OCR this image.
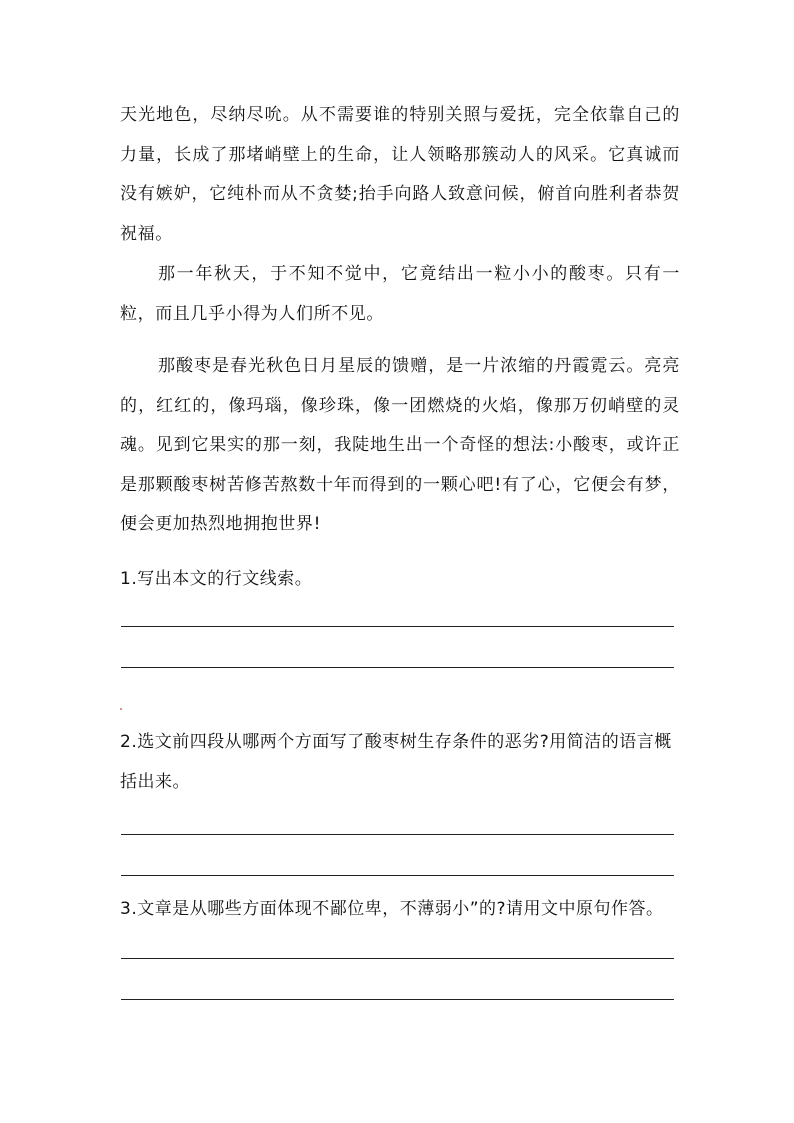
天光地色，尽纳尽吮。从不需要谁的特别关照与爱抚，完全依靠自己的力量，长成了那堵峭壁上的生命，让人领略那簇动人的风采。它真诚而没有嫉妒，它纯朴而从不贪婪;抬手向路人致意问候，俯首向胜利者恭贺祝福。

那一年秋天，于不知不觉中，它竟结出一粒小小的酸枣。只有一粒，而且几乎小得为人们所不见。

那酸枣是春光秋色日月星辰的馈赠，是一片浓缩的丹霞霓云。亮亮的，红红的，像玛瑙，像珍珠，像一团燃烧的火焰，像那万仞峭壁的灵魂。见到它果实的那一刻，我陡地生出一个奇怪的想法:小酸枣，或许正是那颗酸枣树苦修苦熬数十年而得到的一颗心吧!有了心，它便会有梦，便会更加热烈地拥抱世界!

1.写出本文的行文线索。

2.选文前四段从哪两个方面写了酸枣树生存条件的恶劣?用简洁的语言概括出来。

3.文章是从哪些方面体现不鄙位卑，不薄弱小”的?请用文中原句作答。
